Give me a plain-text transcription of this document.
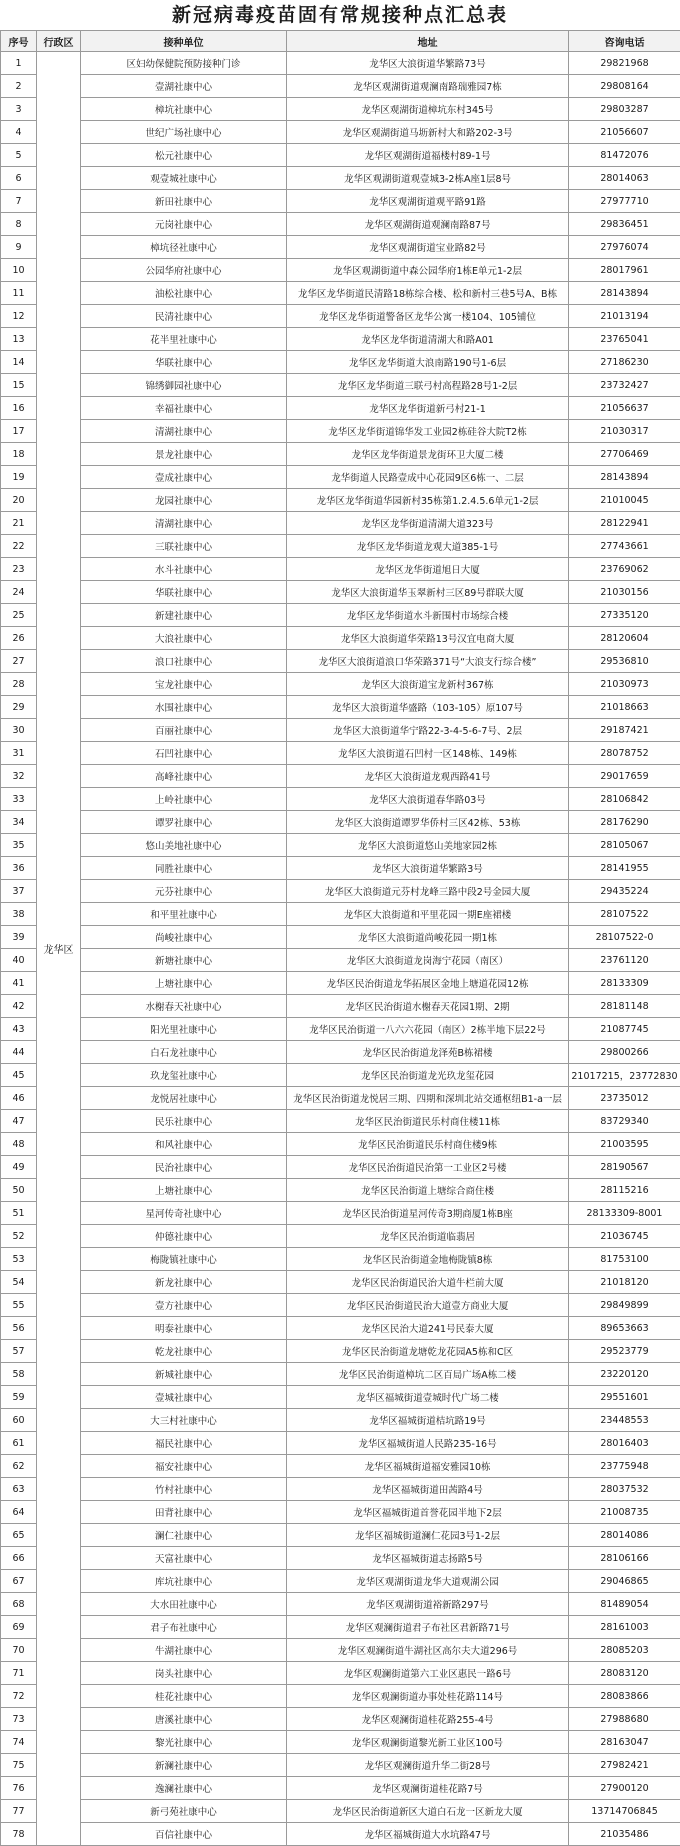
新冠病毒疫苗固有常规接种点汇总表
序号	行政区	接种单位	地址	咨询电话
1	龙华区	区妇幼保健院预防接种门诊	龙华区大浪街道华繁路73号	29821968
2		壹湖社康中心	龙华区观湖街道观澜南路瑞雅园7栋	29808164
3		樟坑社康中心	龙华区观湖街道樟坑东村345号	29803287
4		世纪广场社康中心	龙华区观湖街道马坜新村大和路202-3号	21056607
5		松元社康中心	龙华区观湖街道福楼村89-1号	81472076
6		观壹城社康中心	龙华区观湖街道观壹城3-2栋A座1层8号	28014063
7		新田社康中心	龙华区观湖街道观平路91路	27977710
8		元岗社康中心	龙华区观湖街道观澜南路87号	29836451
9		樟坑径社康中心	龙华区观湖街道宝业路82号	27976074
10		公园华府社康中心	龙华区观湖街道中森公园华府1栋E单元1-2层	28017961
11		油松社康中心	龙华区龙华街道民清路18栋综合楼、松和新村三巷5号A、B栋	28143894
12		民清社康中心	龙华区龙华街道警备区龙华公寓一楼104、105铺位	21013194
13		花半里社康中心	龙华区龙华街道清湖大和路A01	23765041
14		华联社康中心	龙华区龙华街道大浪南路190号1-6层	27186230
15		锦绣御园社康中心	龙华区龙华街道三联弓村高程路28号1-2层	23732427
16		幸福社康中心	龙华区龙华街道新弓村21-1	21056637
17		清湖社康中心	龙华区龙华街道锦华发工业园2栋硅谷大院T2栋	21030317
18		景龙社康中心	龙华区龙华街道景龙街环卫大厦二楼	27706469
19		壹成社康中心	龙华街道人民路壹成中心花园9区6栋一、二层	28143894
20		龙园社康中心	龙华区龙华街道华园新村35栋第1.2.4.5.6单元1-2层	21010045
21		清湖社康中心	龙华区龙华街道清湖大道323号	28122941
22		三联社康中心	龙华区龙华街道龙观大道385-1号	27743661
23		水斗社康中心	龙华区龙华街道旭日大厦	23769062
24		华联社康中心	龙华区大浪街道华玉翠新村三区89号群联大厦	21030156
25		新建社康中心	龙华区龙华街道水斗新围村市场综合楼	27335120
26		大浪社康中心	龙华区大浪街道华荣路13号汉宜电商大厦	28120604
27		浪口社康中心	龙华区大浪街道浪口华荣路371号“大浪支行综合楼”	29536810
28		宝龙社康中心	龙华区大浪街道宝龙新村367栋	21030973
29		水围社康中心	龙华区大浪街道华盛路（103-105）原107号	21018663
30		百丽社康中心	龙华区大浪街道华宁路22-3-4-5-6-7号、2层	29187421
31		石凹社康中心	龙华区大浪街道石凹村一区148栋、149栋	28078752
32		高峰社康中心	龙华区大浪街道龙观西路41号	29017659
33		上岭社康中心	龙华区大浪街道春华路03号	28106842
34		谭罗社康中心	龙华区大浪街道谭罗华侨村三区42栋、53栋	28176290
35		悠山美地社康中心	龙华区大浪街道悠山美地家园2栋	28105067
36		同胜社康中心	龙华区大浪街道华繁路3号	28141955
37		元芬社康中心	龙华区大浪街道元芬村龙峰三路中段2号金园大厦	29435224
38		和平里社康中心	龙华区大浪街道和平里花园一期E座裙楼	28107522
39		尚峻社康中心	龙华区大浪街道尚峻花园一期1栋	28107522-0
40		新塘社康中心	龙华区大浪街道龙岗海宁花园（南区）	23761120
41		上塘社康中心	龙华区民治街道龙华拓展区金地上塘道花园12栋	28133309
42		水榭春天社康中心	龙华区民治街道水榭春天花园1期、2期	28181148
43		阳光里社康中心	龙华区民治街道一八六六花园（南区）2栋半地下层22号	21087745
44		白石龙社康中心	龙华区民治街道龙泽苑B栋裙楼	29800266
45		玖龙玺社康中心	龙华区民治街道龙光玖龙玺花园	21017215，23772830
46		龙悦居社康中心	龙华区民治街道龙悦居三期、四期和深圳北站交通枢纽B1-a一层	23735012
47		民乐社康中心	龙华区民治街道民乐村商住楼11栋	83729340
48		和风社康中心	龙华区民治街道民乐村商住楼9栋	21003595
49		民治社康中心	龙华区民治街道民治第一工业区2号楼	28190567
50		上塘社康中心	龙华区民治街道上塘综合商住楼	28115216
51		星河传奇社康中心	龙华区民治街道星河传奇3期商厦1栋B座	28133309-8001
52		仲德社康中心	龙华区民治街道临翡居	21036745
53		梅陇镇社康中心	龙华区民治街道金地梅陇镇8栋	81753100
54		新龙社康中心	龙华区民治街道民治大道牛栏前大厦	21018120
55		壹方社康中心	龙华区民治街道民治大道壹方商业大厦	29849899
56		明泰社康中心	龙华区民治大道241号民泰大厦	89653663
57		乾龙社康中心	龙华区民治街道龙塘乾龙花园A5栋和C区	29523779
58		新城社康中心	龙华区民治街道樟坑二区百局广场A栋二楼	23220120
59		壹城社康中心	龙华区福城街道壹城时代广场二楼	29551601
60		大三村社康中心	龙华区福城街道桔坑路19号	23448553
61		福民社康中心	龙华区福城街道人民路235-16号	28016403
62		福安社康中心	龙华区福城街道福安雅园10栋	23775948
63		竹村社康中心	龙华区福城街道田茜路4号	28037532
64		田背社康中心	龙华区福城街道首誉花园半地下2层	21008735
65		澜仁社康中心	龙华区福城街道澜仁花园3号1-2层	28014086
66		天富社康中心	龙华区福城街道志扬路5号	28106166
67		库坑社康中心	龙华区观湖街道龙华大道观湖公园	29046865
68		大水田社康中心	龙华区观湖街道裕新路297号	81489054
69		君子布社康中心	龙华区观澜街道君子布社区君新路71号	28161003
70		牛湖社康中心	龙华区观澜街道牛湖社区高尔夫大道296号	28085203
71		岗头社康中心	龙华区观澜街道第六工业区惠民一路6号	28083120
72		桂花社康中心	龙华区观澜街道办事处桂花路114号	28083866
73		唐溪社康中心	龙华区观澜街道桂花路255-4号	27988680
74		黎光社康中心	龙华区观澜街道黎光新工业区100号	28163047
75		新澜社康中心	龙华区观澜街道升华二街28号	27982421
76		逸澜社康中心	龙华区观澜街道桂花路7号	27900120
77		新弓苑社康中心	龙华区民治街道新区大道白石龙一区新龙大厦	13714706845
78		百信社康中心	龙华区福城街道大水坑路47号	21035486
